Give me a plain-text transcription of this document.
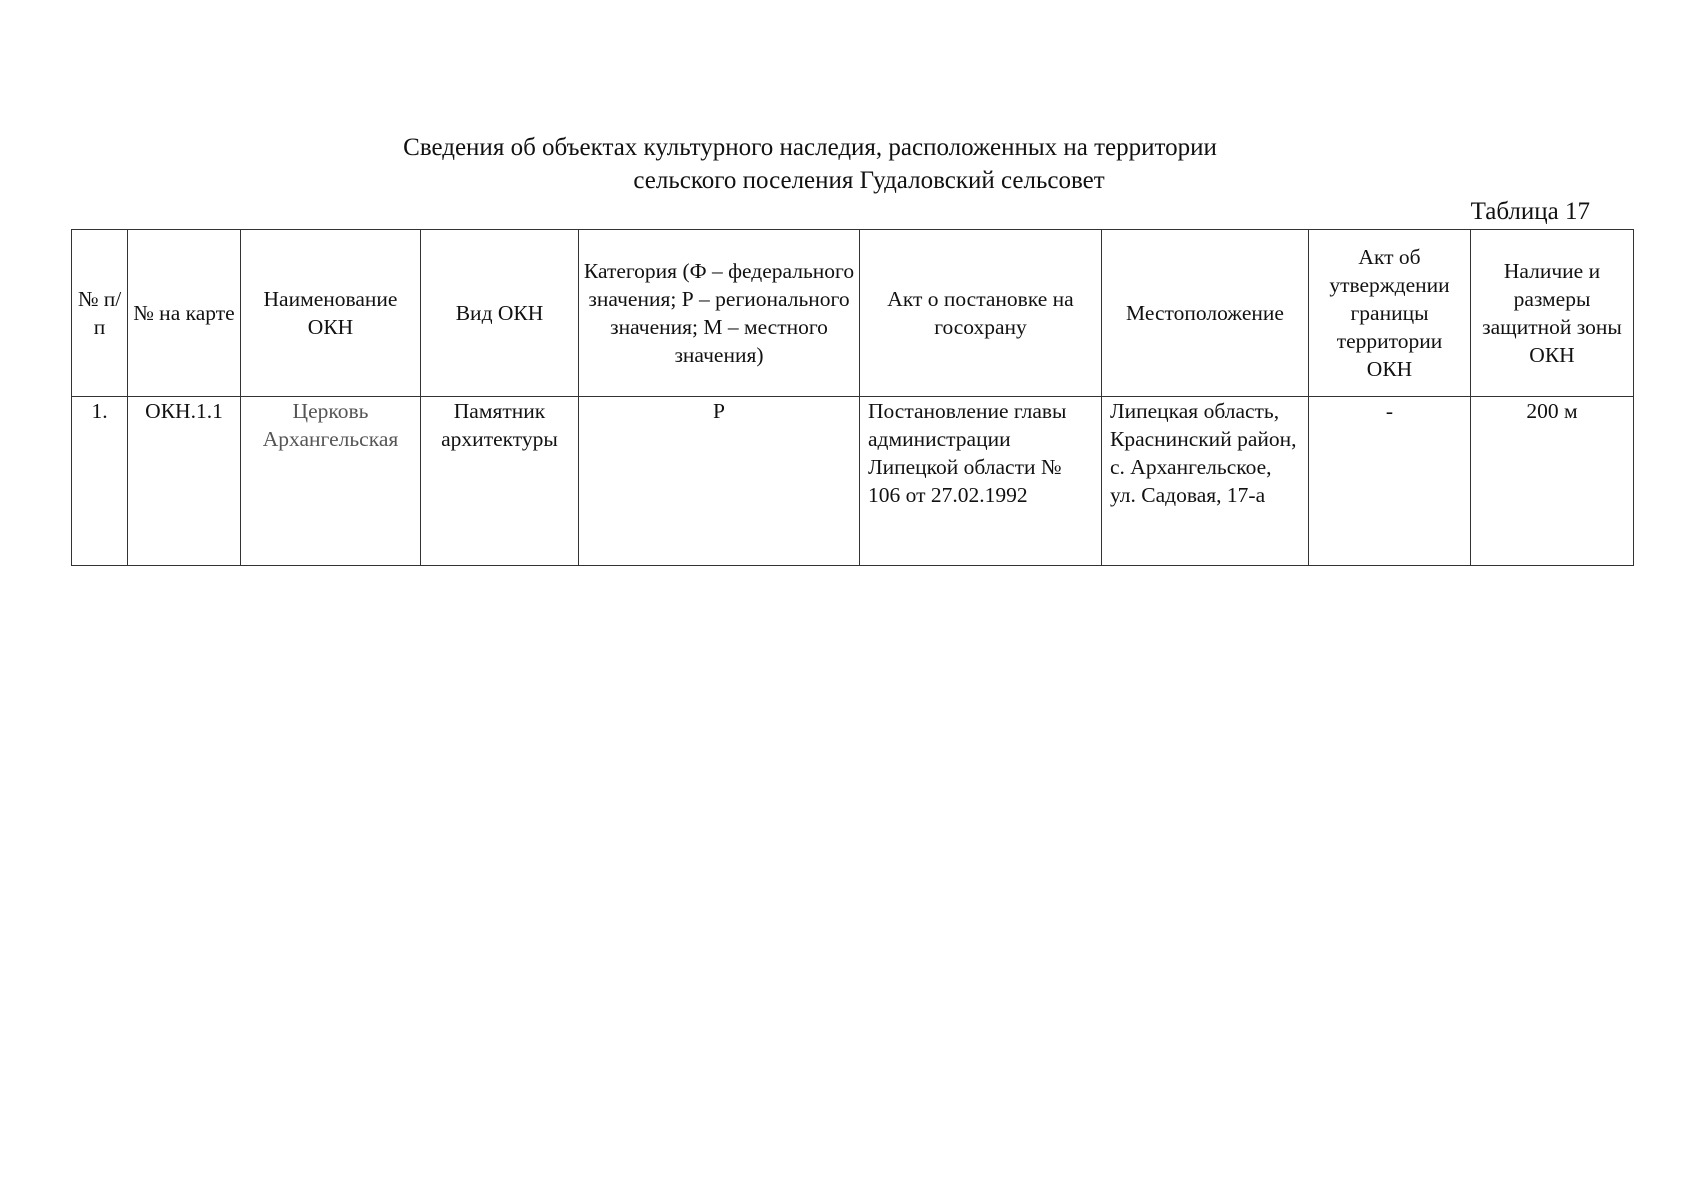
Сведения об объектах культурного наследия, расположенных на территории
сельского поселения Гудаловский сельсовет
Таблица 17
№ п/п	№ на карте	Наименование ОКН	Вид ОКН	Категория (Ф – федерального значения; Р – регионального значения; М – местного значения)	Акт о постановке на госохрану	Местоположение	Акт об утверждении границы территории ОКН	Наличие и размеры защитной зоны ОКН
1.	ОКН.1.1	Церковь Архангельская	Памятник архитектуры	Р	Постановление главы администрации Липецкой области № 106 от 27.02.1992	Липецкая область, Краснинский район, с. Архангельское, ул. Садовая, 17-а	-	200 м
